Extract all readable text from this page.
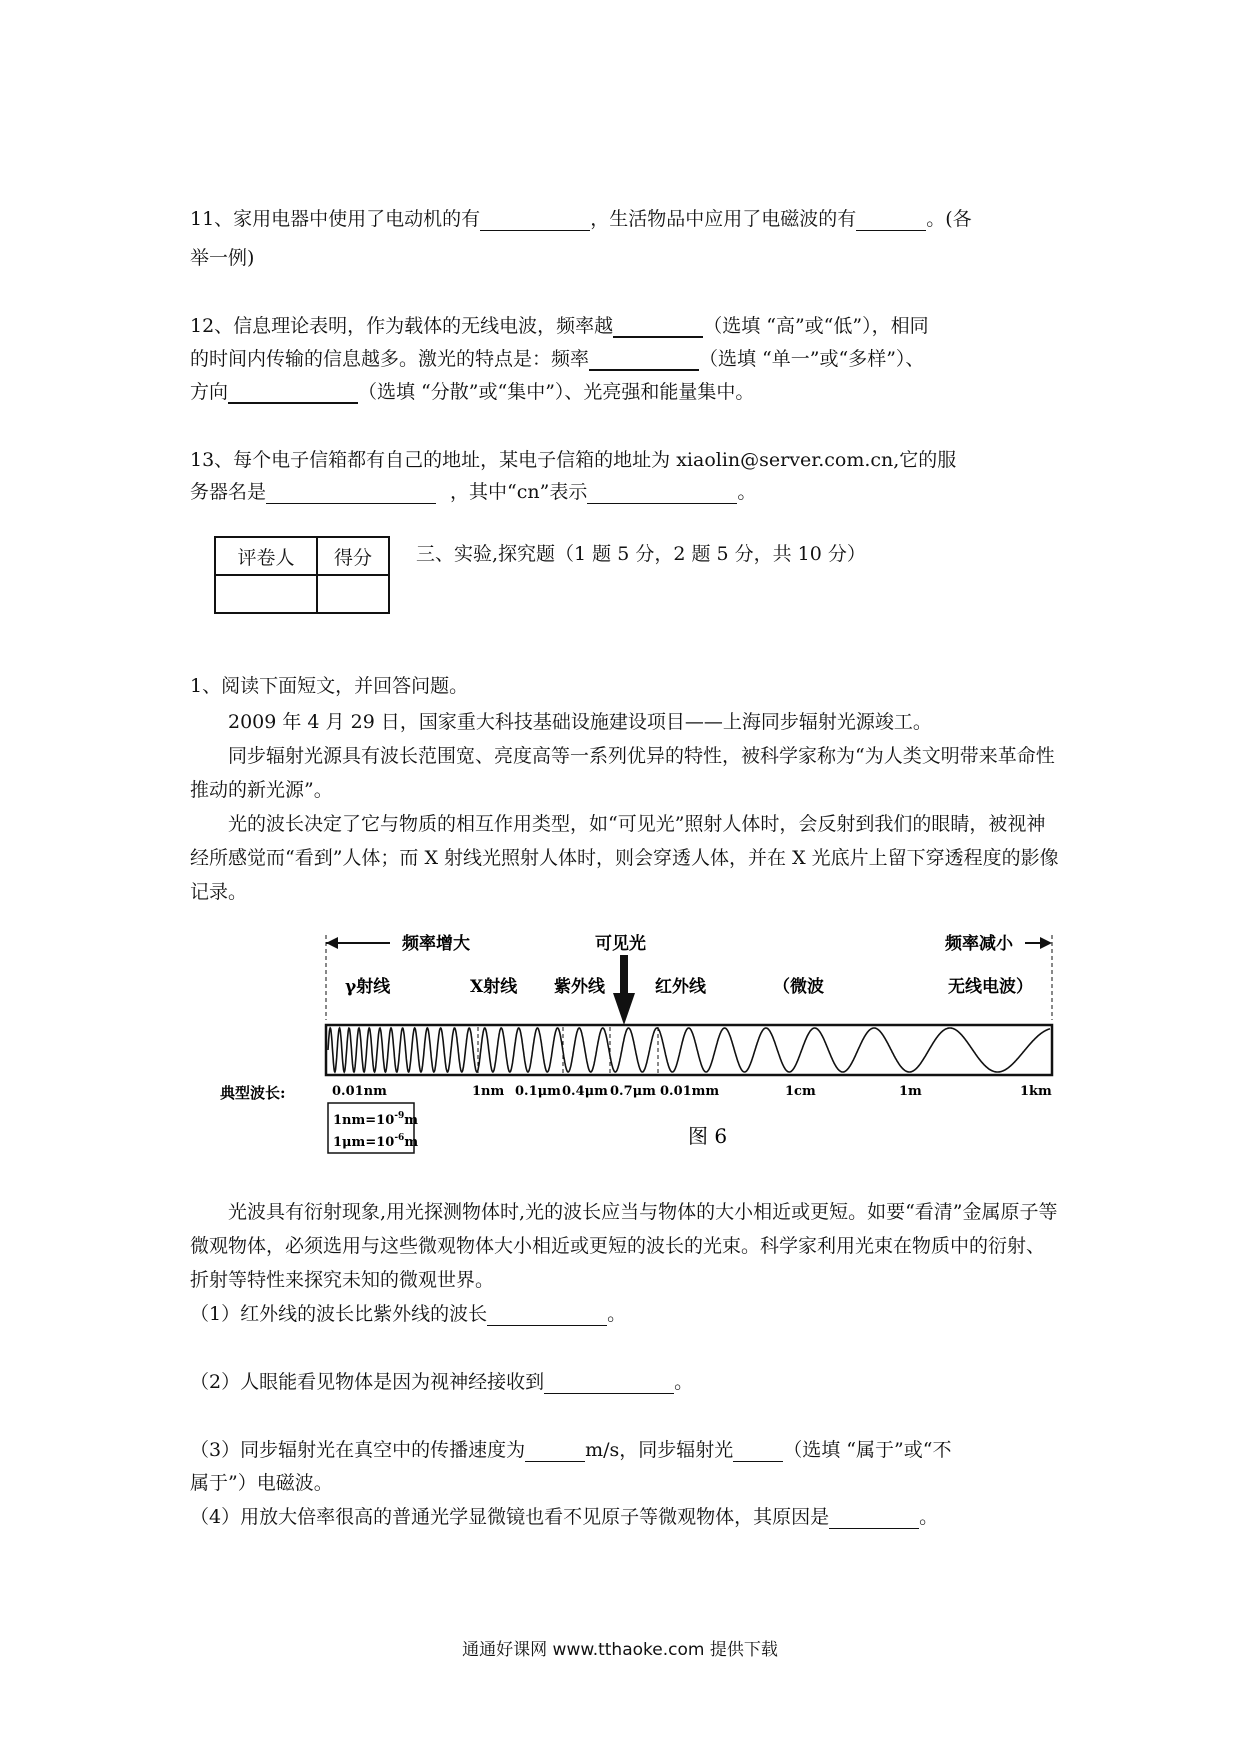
11、家用电器中使用了电动机的有	，生活物品中应用了电磁波的有	。(各
举一例)
12、信息理论表明，作为载体的无线电波，频率越	（选填 “高”或“低”），相同
的时间内传输的信息越多。激光的特点是：频率	（选填 “单一”或“多样”）、
方向	（选填 “分散”或“集中”）、光亮强和能量集中。
13、每个电子信箱都有自己的地址，某电子信箱的地址为 xiaolin@server.com.cn,它的服
务器名是	，其中“cn”表示	。
评卷人	得分
	三、实验,探究题（1 题 5 分，2 题 5 分，共 10 分）
1、阅读下面短文，并回答问题。
2009 年 4 月 29 日，国家重大科技基础设施建设项目——上海同步辐射光源竣工。
同步辐射光源具有波长范围宽、亮度高等一系列优异的特性，被科学家称为“为人类文明带来革命性推动的新光源”。
光的波长决定了它与物质的相互作用类型，如“可见光”照射人体时，会反射到我们的眼睛，被视神经所感觉而“看到”人体；而 X 射线光照射人体时，则会穿透人体，并在 X 光底片上留下穿透程度的影像记录。
频率增大	可见光	频率减小
γ射线	X射线 紫外线	红外线	（微波	无线电波）
典型波长:	0.01nm	1nm 0.1μm 0.4μm 0.7μm 0.01mm	1cm	1m	1km
$1nm=10^{-9}m$
$1\mu m=10^{-6}m$	图 6
光波具有衍射现象,用光探测物体时,光的波长应当与物体的大小相近或更短。如要“看清”金属原子等微观物体，必须选用与这些微观物体大小相近或更短的波长的光束。科学家利用光束在物质中的衍射、折射等特性来探究未知的微观世界。
（1）红外线的波长比紫外线的波长	。
（2）人眼能看见物体是因为视神经接收到	。
（3）同步辐射光在真空中的传播速度为	m/s，同步辐射光	（选填 “属于”或“不
属于”）电磁波。
（4）用放大倍率很高的普通光学显微镜也看不见原子等微观物体，其原因是	。
通通好课网 www.tthaoke.com 提供下载
